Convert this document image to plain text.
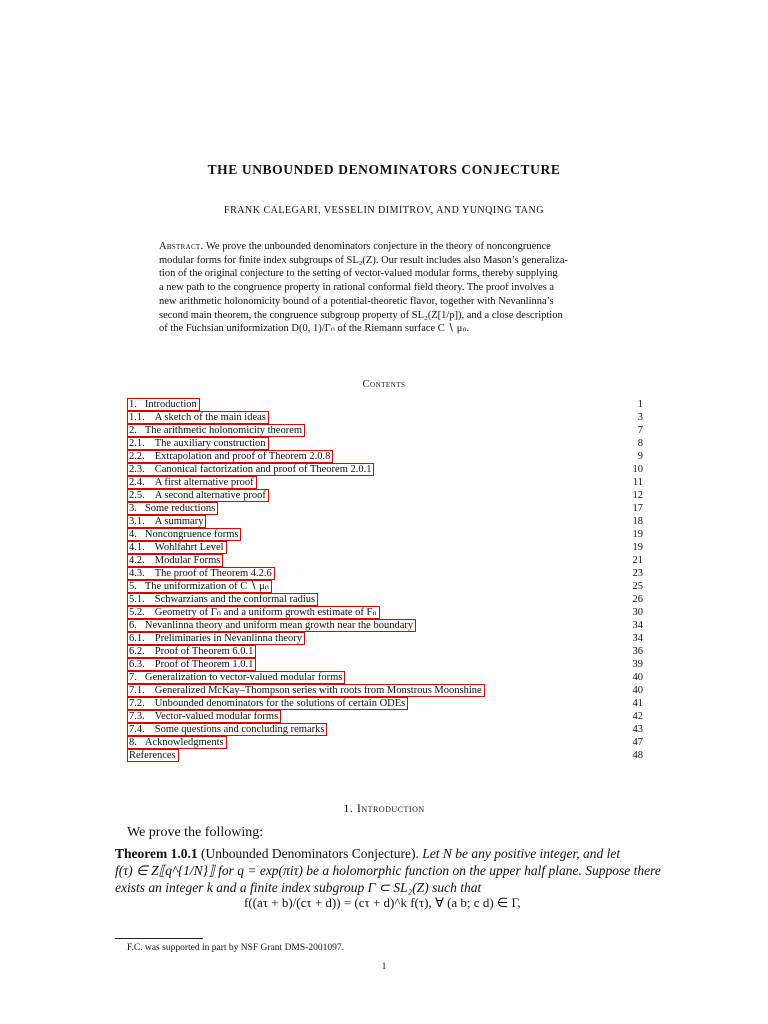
THE UNBOUNDED DENOMINATORS CONJECTURE
FRANK CALEGARI, VESSELIN DIMITROV, AND YUNQING TANG
Abstract. We prove the unbounded denominators conjecture in the theory of noncongruence
modular forms for finite index subgroups of SL₂(Z). Our result includes also Mason’s generaliza-
tion of the original conjecture to the setting of vector-valued modular forms, thereby supplying
a new path to the congruence property in rational conformal field theory. The proof involves a
new arithmetic holonomicity bound of a potential-theoretic flavor, together with Nevanlinna’s
second main theorem, the congruence subgroup property of SL₂(Z[1/p]), and a close description
of the Fuchsian uniformization D(0, 1)/Γₙ of the Riemann surface C ∖ μₙ.
Contents
1. Introduction	1
1.1. A sketch of the main ideas	3
2. The arithmetic holonomicity theorem	7
2.1. The auxiliary construction	8
2.2. Extrapolation and proof of Theorem 2.0.8	9
2.3. Canonical factorization and proof of Theorem 2.0.1	10
2.4. A first alternative proof	11
2.5. A second alternative proof	12
3. Some reductions	17
3.1. A summary	18
4. Noncongruence forms	19
4.1. Wohlfahrt Level	19
4.2. Modular Forms	21
4.3. The proof of Theorem 4.2.6	23
5. The uniformization of C ∖ μₙ	25
5.1. Schwarzians and the conformal radius	26
5.2. Geometry of Γₙ and a uniform growth estimate of Fₙ	30
6. Nevanlinna theory and uniform mean growth near the boundary	34
6.1. Preliminaries in Nevanlinna theory	34
6.2. Proof of Theorem 6.0.1	36
6.3. Proof of Theorem 1.0.1	39
7. Generalization to vector-valued modular forms	40
7.1. Generalized McKay–Thompson series with roots from Monstrous Moonshine	40
7.2. Unbounded denominators for the solutions of certain ODEs	41
7.3. Vector-valued modular forms	42
7.4. Some questions and concluding remarks	43
8. Acknowledgments	47
References	48
1. Introduction
We prove the following:
Theorem 1.0.1 (Unbounded Denominators Conjecture). Let N be any positive integer, and let
f(τ) ∈ Z⟦q^{1/N}⟧ for q = exp(πiτ) be a holomorphic function on the upper half plane. Suppose there
exists an integer k and a finite index subgroup Γ ⊂ SL₂(Z) such that
f((aτ + b)/(cτ + d)) = (cτ + d)^k f(τ), ∀ (a b; c d) ∈ Γ,
F.C. was supported in part by NSF Grant DMS-2001097.
1
